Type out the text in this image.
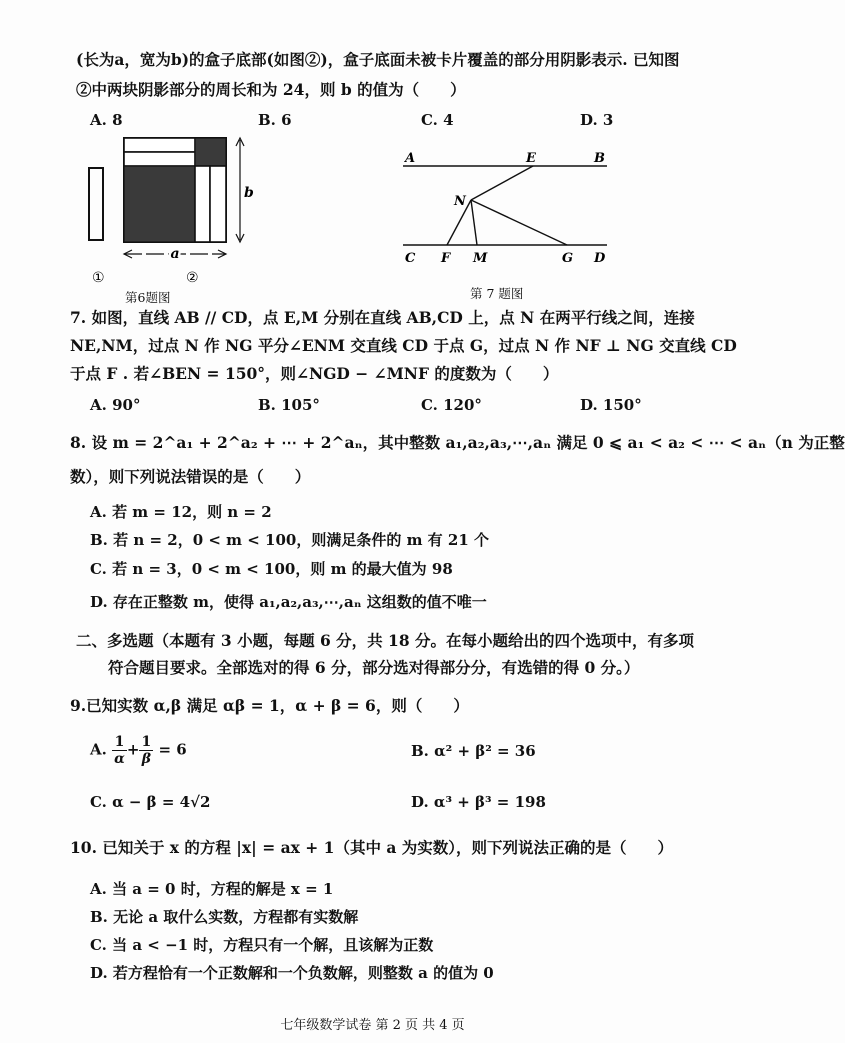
(长为a，宽为b)的盒子底部(如图②)，盒子底面未被卡片覆盖的部分用阴影表示. 已知图
②中两块阴影部分的周长和为 24，则 b 的值为（　　）
A. 8	B. 6	C. 4	D. 3
b
a
①	②
第6题图
A	E	B
N
C F M	G D
第 7 题图
7. 如图，直线 AB // CD，点 E,M 分别在直线 AB,CD 上，点 N 在两平行线之间，连接
NE,NM，过点 N 作 NG 平分∠ENM 交直线 CD 于点 G，过点 N 作 NF ⊥ NG 交直线 CD
于点 F . 若∠BEN = 150°，则∠NGD − ∠MNF 的度数为（　　）
A. 90°	B. 105°	C. 120°	D. 150°
8. 设 m = 2^a₁ + 2^a₂ + ⋯ + 2^aₙ，其中整数 a₁,a₂,a₃,⋯,aₙ 满足 0 ⩽ a₁ < a₂ < ⋯ < aₙ（n 为正整
数），则下列说法错误的是（　　）
A. 若 m = 12，则 n = 2
B. 若 n = 2，0 < m < 100，则满足条件的 m 有 21 个
C. 若 n = 3，0 < m < 100，则 m 的最大值为 98
D. 存在正整数 m，使得 a₁,a₂,a₃,⋯,aₙ 这组数的值不唯一
二、多选题（本题有 3 小题，每题 6 分，共 18 分。在每小题给出的四个选项中，有多项
符合题目要求。全部选对的得 6 分，部分选对得部分分，有选错的得 0 分。）
9.已知实数 α,β 满足 αβ = 1，α + β = 6，则（　　）
A. $\frac{1}{\alpha} + \frac{1}{\beta} = 6$	B. α² + β² = 36
C. α − β = 4√2	D. α³ + β³ = 198
10. 已知关于 x 的方程 |x| = ax + 1（其中 a 为实数），则下列说法正确的是（　　）
A. 当 a = 0 时，方程的解是 x = 1
B. 无论 a 取什么实数，方程都有实数解
C. 当 a < −1 时，方程只有一个解，且该解为正数
D. 若方程恰有一个正数解和一个负数解，则整数 a 的值为 0
七年级数学试卷 第 2 页 共 4 页
